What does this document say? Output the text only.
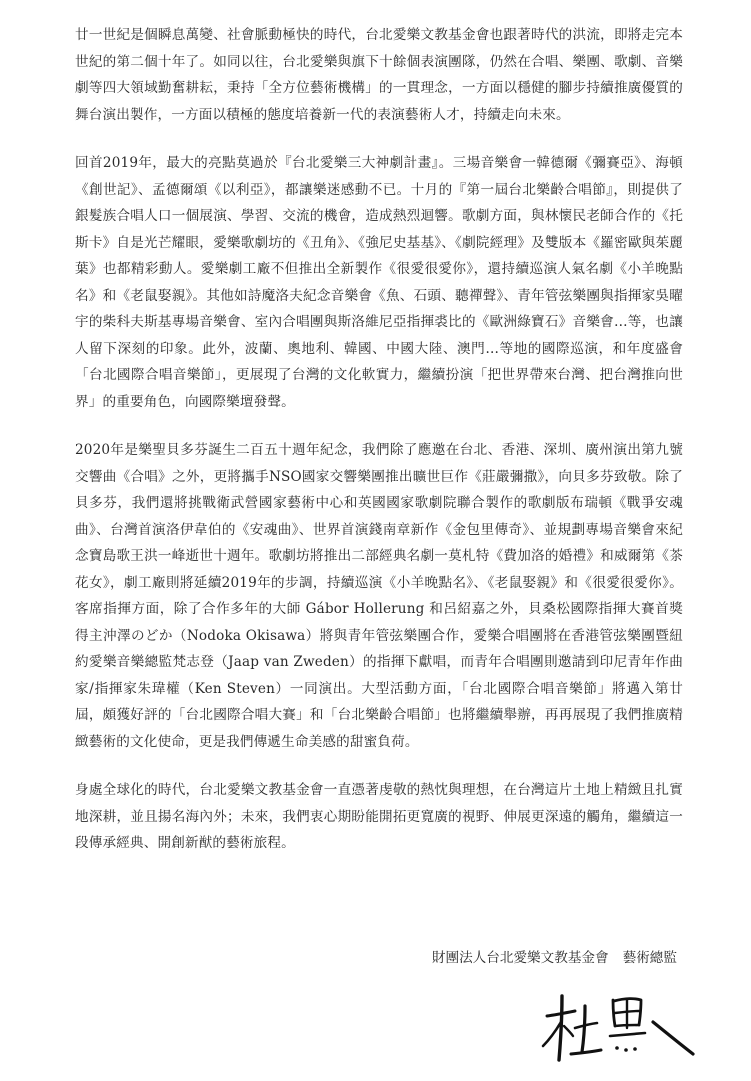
廿一世紀是個瞬息萬變、社會脈動極快的時代，台北愛樂文教基金會也跟著時代的洪流，即將走完本世紀的第二個十年了。如同以往，台北愛樂與旗下十餘個表演團隊，仍然在合唱、樂團、歌劇、音樂劇等四大領域勤奮耕耘，秉持「全方位藝術機構」的一貫理念，一方面以穩健的腳步持續推廣優質的舞台演出製作，一方面以積極的態度培養新一代的表演藝術人才，持續走向未來。

回首2019年，最大的亮點莫過於『台北愛樂三大神劇計畫』。三場音樂會一韓德爾《彌賽亞》、海頓《創世記》、孟德爾頌《以利亞》，都讓樂迷感動不已。十月的『第一屆台北樂齡合唱節』，則提供了銀髮族合唱人口一個展演、學習、交流的機會，造成熱烈迴響。歌劇方面，與林懷民老師合作的《托斯卡》自是光芒耀眼，愛樂歌劇坊的《丑角》、《強尼史基基》、《劇院經理》及雙版本《羅密歐與茱麗葉》也都精彩動人。愛樂劇工廠不但推出全新製作《很愛很愛你》，還持續巡演人氣名劇《小羊晚點名》和《老鼠娶親》。其他如詩魔洛夫紀念音樂會《魚、石頭、聽禪聲》、青年管弦樂團與指揮家吳曜宇的柴科夫斯基專場音樂會、室內合唱團與斯洛維尼亞指揮裘比的《歐洲綠寶石》音樂會…等，也讓人留下深刻的印象。此外，波蘭、奧地利、韓國、中國大陸、澳門…等地的國際巡演，和年度盛會「台北國際合唱音樂節」，更展現了台灣的文化軟實力，繼續扮演「把世界帶來台灣、把台灣推向世界」的重要角色，向國際樂壇發聲。

2020年是樂聖貝多芬誕生二百五十週年紀念，我們除了應邀在台北、香港、深圳、廣州演出第九號交響曲《合唱》之外，更將攜手NSO國家交響樂團推出曠世巨作《莊嚴彌撒》，向貝多芬致敬。除了貝多芬，我們還將挑戰衛武營國家藝術中心和英國國家歌劇院聯合製作的歌劇版布瑞頓《戰爭安魂曲》、台灣首演洛伊韋伯的《安魂曲》、世界首演錢南章新作《金包里傳奇》、並規劃專場音樂會來紀念寶島歌王洪一峰逝世十週年。歌劇坊將推出二部經典名劇一莫札特《費加洛的婚禮》和威爾第《茶花女》，劇工廠則將延續2019年的步調，持續巡演《小羊晚點名》、《老鼠娶親》和《很愛很愛你》。客席指揮方面，除了合作多年的大師 Gábor Hollerung 和呂紹嘉之外，貝桑松國際指揮大賽首獎得主沖澤のどか（Nodoka Okisawa）將與青年管弦樂團合作，愛樂合唱團將在香港管弦樂團暨紐約愛樂音樂總監梵志登（Jaap van Zweden）的指揮下獻唱，而青年合唱團則邀請到印尼青年作曲家/指揮家朱瑋權（Ken Steven）一同演出。大型活動方面，「台北國際合唱音樂節」將邁入第廿屆，頗獲好評的「台北國際合唱大賽」和「台北樂齡合唱節」也將繼續舉辦，再再展現了我們推廣精緻藝術的文化使命，更是我們傳遞生命美感的甜蜜負荷。

身處全球化的時代，台北愛樂文教基金會一直憑著虔敬的熱忱與理想，在台灣這片土地上精緻且扎實地深耕，並且揚名海內外；未來，我們衷心期盼能開拓更寬廣的視野、伸展更深遠的觸角，繼續這一段傳承經典、開創新猷的藝術旅程。

財團法人台北愛樂文教基金會 藝術總監
